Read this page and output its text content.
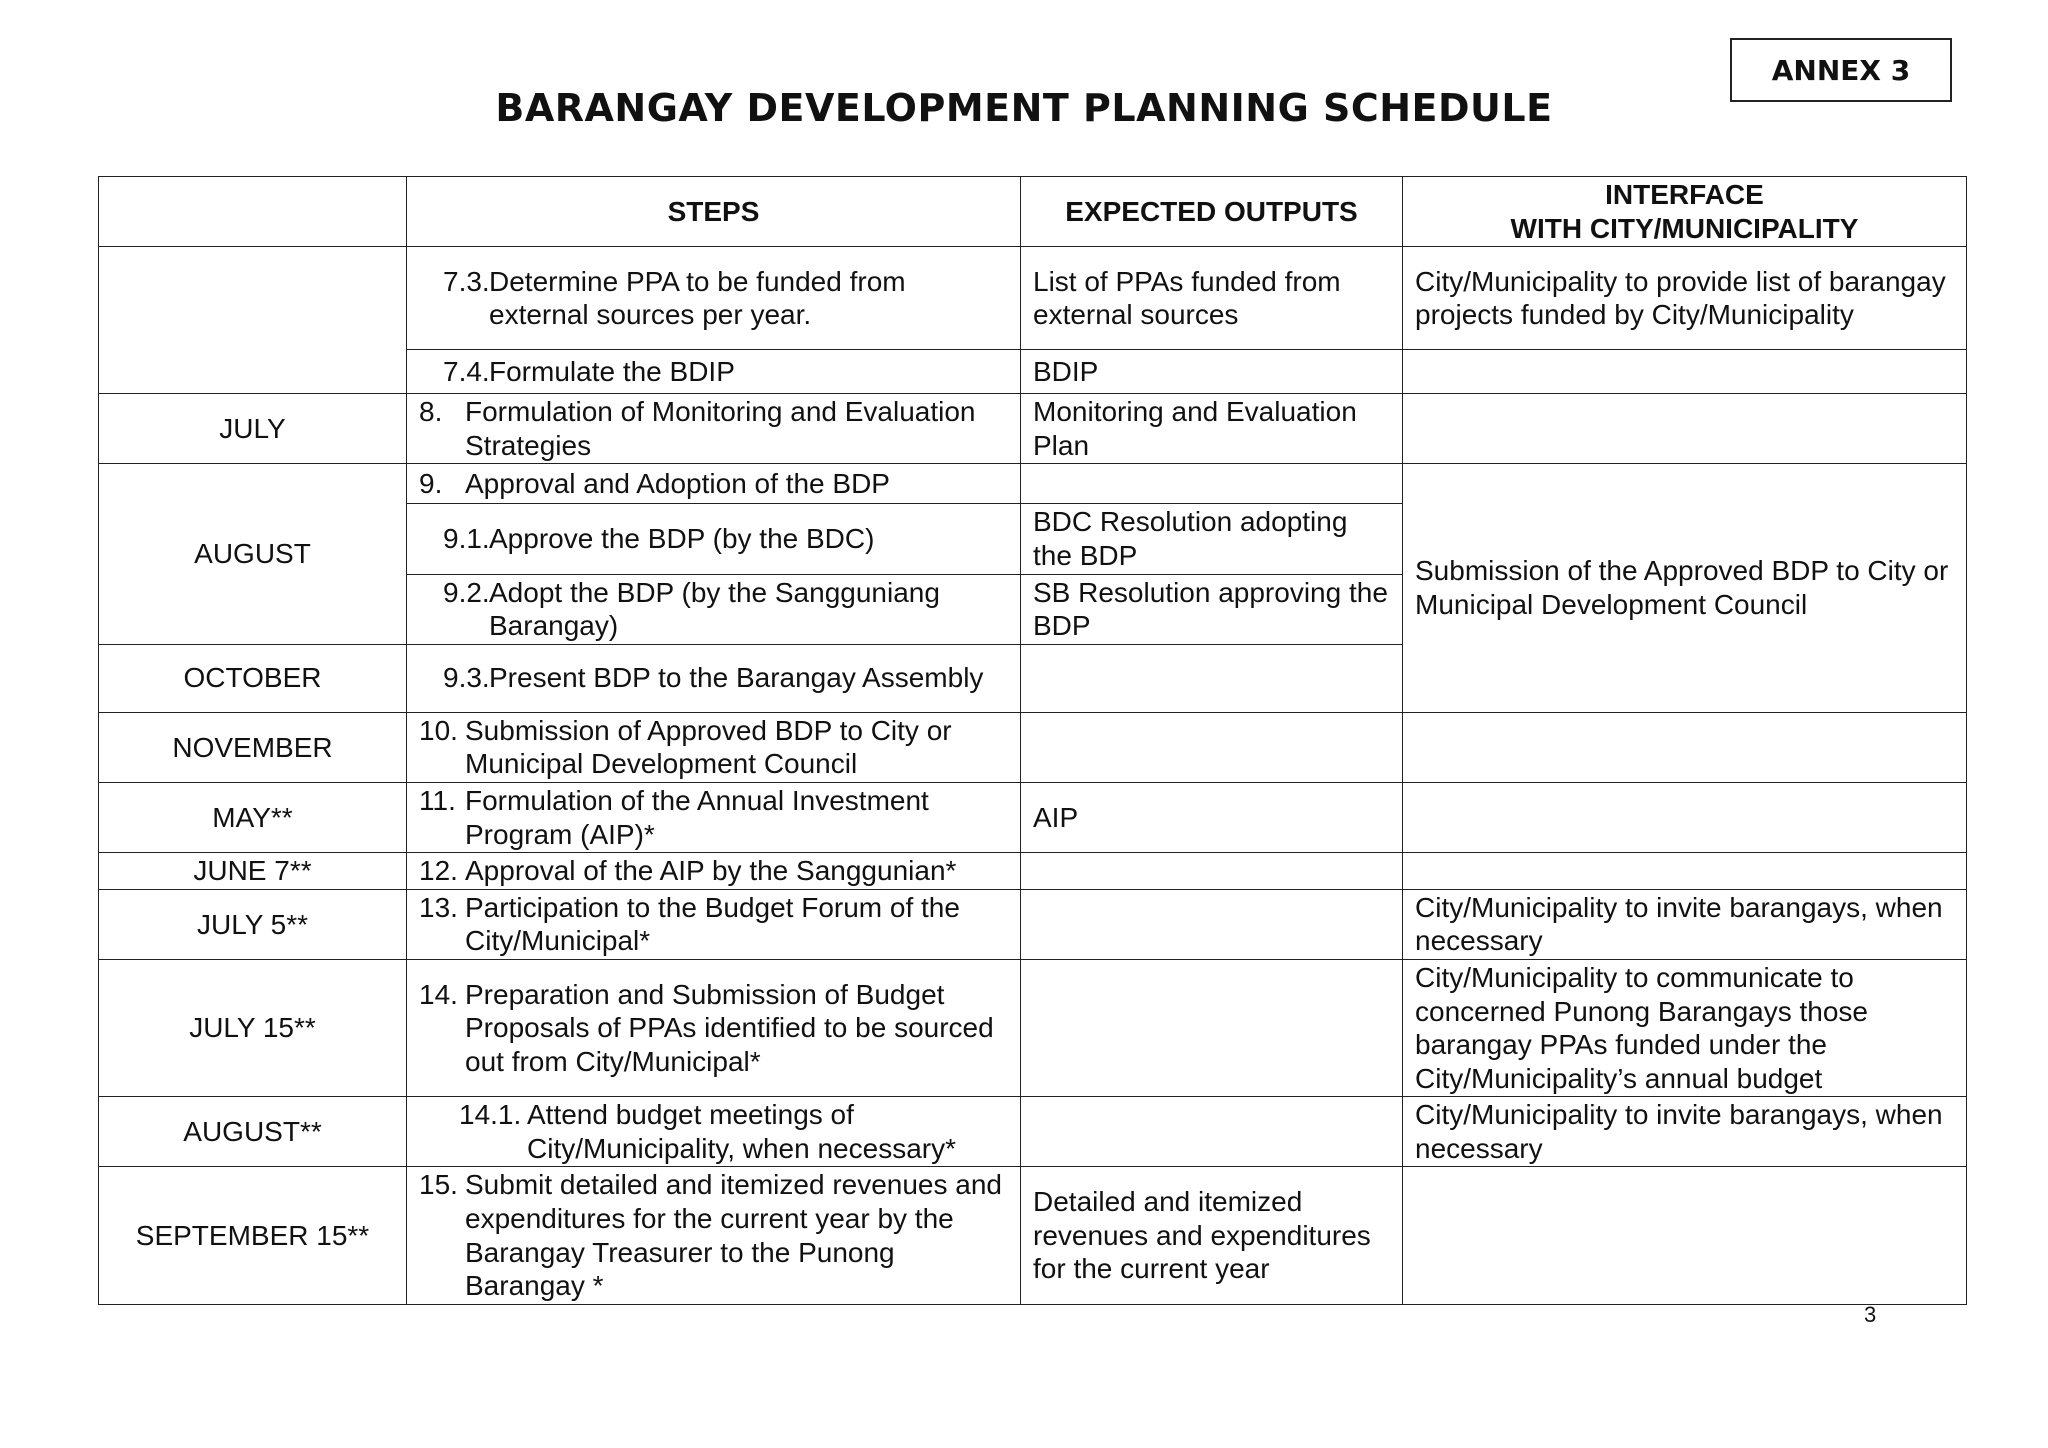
ANNEX 3
BARANGAY DEVELOPMENT PLANNING SCHEDULE
	STEPS	EXPECTED OUTPUTS	INTERFACE
WITH CITY/MUNICIPALITY

	7.3. Determine PPA to be funded from external sources per year.	List of PPAs funded from external sources	City/Municipality to provide list of barangay projects funded by City/Municipality

	7.4. Formulate the BDIP	BDIP	
JULY	8. Formulation of Monitoring and Evaluation Strategies	Monitoring and Evaluation Plan	
AUGUST	9. Approval and Adoption of the BDP		Submission of the Approved BDP to City or Municipal Development Council

	9.1. Approve the BDP (by the BDC)	BDC Resolution adopting the BDP	

	9.2. Adopt the BDP (by the Sangguniang Barangay)	SB Resolution approving the BDP	
OCTOBER	9.3. Present BDP to the Barangay Assembly		

NOVEMBER	10. Submission of Approved BDP to City or Municipal Development Council		

MAY**	11. Formulation of the Annual Investment Program (AIP)*	AIP	
JUNE 7**	12. Approval of the AIP by the Sanggunian*		

JULY 5**	13. Participation to the Budget Forum of the City/Municipal*		City/Municipality to invite barangays, when necessary
JULY 15**	14. Preparation and Submission of Budget Proposals of PPAs identified to be sourced out from City/Municipal*		City/Municipality to communicate to concerned Punong Barangays those barangay PPAs funded under the City/Municipality’s annual budget
AUGUST**	14.1. Attend budget meetings of City/Municipality, when necessary*		City/Municipality to invite barangays, when necessary
SEPTEMBER 15**	15. Submit detailed and itemized revenues and expenditures for the current year by the Barangay Treasurer to the Punong Barangay *	Detailed and itemized revenues and expenditures for the current year	
3
